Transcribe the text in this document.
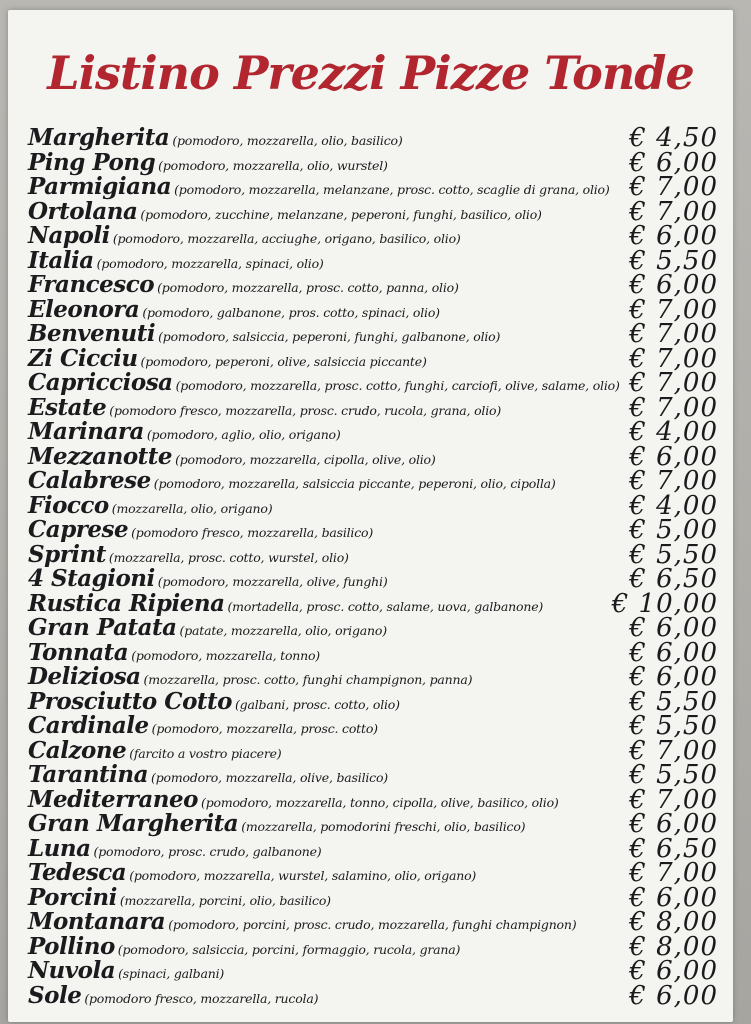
Listino Prezzi Pizze Tonde
Margherita (pomodoro, mozzarella, olio, basilico)	€ 4,50
Ping Pong (pomodoro, mozzarella, olio, wurstel)	€ 6,00
Parmigiana (pomodoro, mozzarella, melanzane, prosc. cotto, scaglie di grana, olio) € 7,00
Ortolana (pomodoro, zucchine, melanzane, peperoni, funghi, basilico, olio)	€ 7,00
Napoli (pomodoro, mozzarella, acciughe, origano, basilico, olio)	€ 6,00
Italia (pomodoro, mozzarella, spinaci, olio)	€ 5,50
Francesco (pomodoro, mozzarella, prosc. cotto, panna, olio)	€ 6,00
Eleonora (pomodoro, galbanone, pros. cotto, spinaci, olio)	€ 7,00
Benvenuti (pomodoro, salsiccia, peperoni, funghi, galbanone, olio)	€ 7,00
Zi Cicciu (pomodoro, peperoni, olive, salsiccia piccante)	€ 7,00
Capricciosa (pomodoro, mozzarella, prosc. cotto, funghi, carciofi, olive, salame, olio) € 7,00
Estate (pomodoro fresco, mozzarella, prosc. crudo, rucola, grana, olio)	€ 7,00
Marinara (pomodoro, aglio, olio, origano)	€ 4,00
Mezzanotte (pomodoro, mozzarella, cipolla, olive, olio)	€ 6,00
Calabrese (pomodoro, mozzarella, salsiccia piccante, peperoni, olio, cipolla)	€ 7,00
Fiocco (mozzarella, olio, origano)	€ 4,00
Caprese (pomodoro fresco, mozzarella, basilico)	€ 5,00
Sprint (mozzarella, prosc. cotto, wurstel, olio)	€ 5,50
4 Stagioni (pomodoro, mozzarella, olive, funghi)	€ 6,50
Rustica Ripiena (mortadella, prosc. cotto, salame, uova, galbanone)	€ 10,00
Gran Patata (patate, mozzarella, olio, origano)	€ 6,00
Tonnata (pomodoro, mozzarella, tonno)	€ 6,00
Deliziosa (mozzarella, prosc. cotto, funghi champignon, panna)	€ 6,00
Prosciutto Cotto (galbani, prosc. cotto, olio)	€ 5,50
Cardinale (pomodoro, mozzarella, prosc. cotto)	€ 5,50
Calzone (farcito a vostro piacere)	€ 7,00
Tarantina (pomodoro, mozzarella, olive, basilico)	€ 5,50
Mediterraneo (pomodoro, mozzarella, tonno, cipolla, olive, basilico, olio)	€ 7,00
Gran Margherita (mozzarella, pomodorini freschi, olio, basilico)	€ 6,00
Luna (pomodoro, prosc. crudo, galbanone)	€ 6,50
Tedesca (pomodoro, mozzarella, wurstel, salamino, olio, origano)	€ 7,00
Porcini (mozzarella, porcini, olio, basilico)	€ 6,00
Montanara (pomodoro, porcini, prosc. crudo, mozzarella, funghi champignon) € 8,00
Pollino (pomodoro, salsiccia, porcini, formaggio, rucola, grana)	€ 8,00
Nuvola (spinaci, galbani)	€ 6,00
Sole (pomodoro fresco, mozzarella, rucola)	€ 6,00
